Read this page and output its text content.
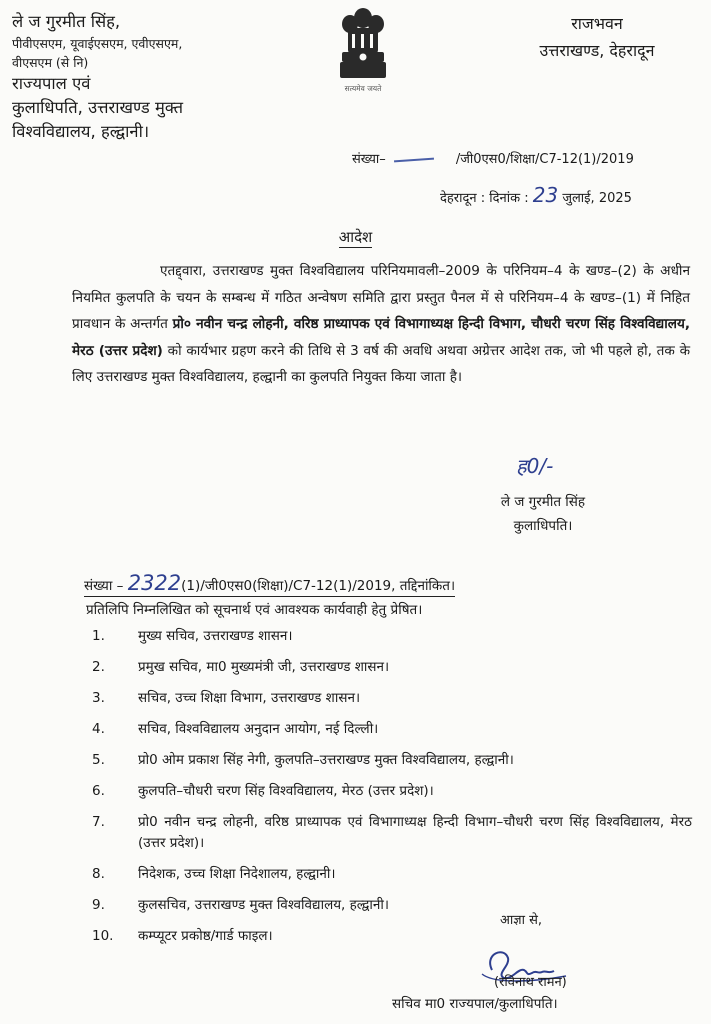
ले ज गुरमीत सिंह,
पीवीएसएम, यूवाईएसएम, एवीएसएम,
वीएसएम (से नि)
राज्यपाल एवं
कुलाधिपति, उत्तराखण्ड मुक्त
विश्वविद्यालय, हल्द्वानी।
सत्यमेव जयते
राजभवन
उत्तराखण्ड, देहरादून
संख्या–	/जी0एस0/शिक्षा/C7-12(1)/2019
देहरादून : दिनांक : 23 जुलाई, 2025
आदेश
एतद्द्वारा, उत्तराखण्ड मुक्त विश्वविद्यालय परिनियमावली–2009 के परिनियम–4 के खण्ड–(2) के अधीन नियमित कुलपति के चयन के सम्बन्ध में गठित अन्वेषण समिति द्वारा प्रस्तुत पैनल में से परिनियम–4 के खण्ड–(1) में निहित प्रावधान के अन्तर्गत प्रो० नवीन चन्द्र लोहनी, वरिष्ठ प्राध्यापक एवं विभागाध्यक्ष हिन्दी विभाग, चौधरी चरण सिंह विश्वविद्यालय, मेरठ (उत्तर प्रदेश) को कार्यभार ग्रहण करने की तिथि से 3 वर्ष की अवधि अथवा अग्रेत्तर आदेश तक, जो भी पहले हो, तक के लिए उत्तराखण्ड मुक्त विश्वविद्यालय, हल्द्वानी का कुलपति नियुक्त किया जाता है।
ह0/-
ले ज गुरमीत सिंह
कुलाधिपति।
संख्या – 2322(1)/जी0एस0(शिक्षा)/C7-12(1)/2019, तद्दिनांकित।
प्रतिलिपि निम्नलिखित को सूचनार्थ एवं आवश्यक कार्यवाही हेतु प्रेषित।
1.	मुख्य सचिव, उत्तराखण्ड शासन।
2.	प्रमुख सचिव, मा0 मुख्यमंत्री जी, उत्तराखण्ड शासन।
3.	सचिव, उच्च शिक्षा विभाग, उत्तराखण्ड शासन।
4.	सचिव, विश्वविद्यालय अनुदान आयोग, नई दिल्ली।
5.	प्रो0 ओम प्रकाश सिंह नेगी, कुलपति–उत्तराखण्ड मुक्त विश्वविद्यालय, हल्द्वानी।
6.	कुलपति–चौधरी चरण सिंह विश्वविद्यालय, मेरठ (उत्तर प्रदेश)।
7.	प्रो0 नवीन चन्द्र लोहनी, वरिष्ठ प्राध्यापक एवं विभागाध्यक्ष हिन्दी विभाग–चौधरी चरण सिंह विश्वविद्यालय, मेरठ (उत्तर प्रदेश)।
8.	निदेशक, उच्च शिक्षा निदेशालय, हल्द्वानी।
9.	कुलसचिव, उत्तराखण्ड मुक्त विश्वविद्यालय, हल्द्वानी।
10.	कम्प्यूटर प्रकोष्ठ/गार्ड फाइल।
आज्ञा से,
(रविनाथ रामन)
सचिव मा0 राज्यपाल/कुलाधिपति।
